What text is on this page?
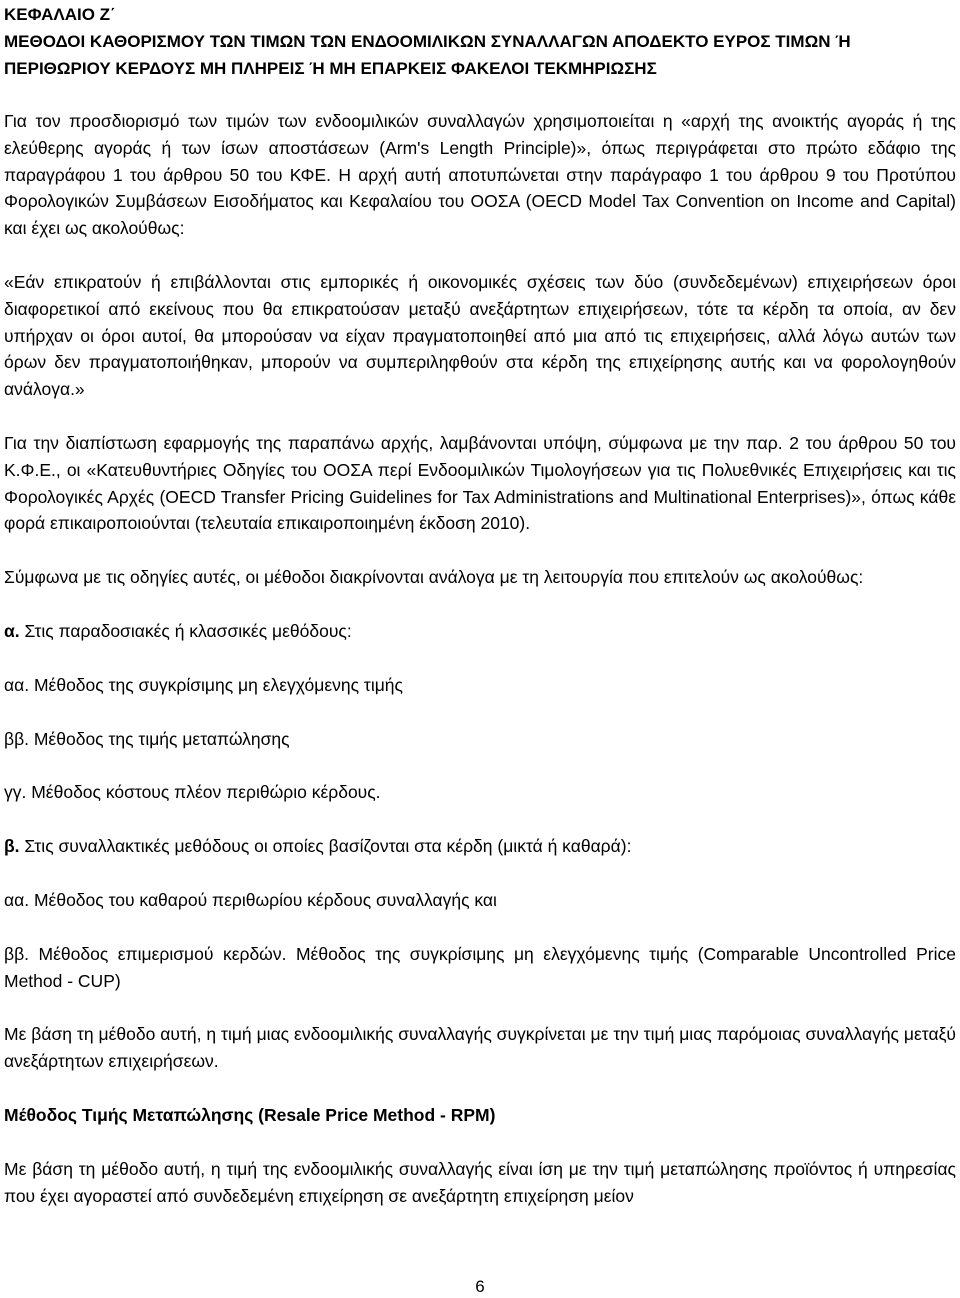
ΚΕΦΑΛΑΙΟ Ζ΄
ΜΕΘΟΔΟΙ ΚΑΘΟΡΙΣΜΟΥ ΤΩΝ ΤΙΜΩΝ ΤΩΝ ΕΝΔΟΟΜΙΛΙΚΩΝ ΣΥΝΑΛΛΑΓΩΝ ΑΠΟΔΕΚΤΟ ΕΥΡΟΣ ΤΙΜΩΝ Ή ΠΕΡΙΘΩΡΙΟΥ ΚΕΡΔΟΥΣ ΜΗ ΠΛΗΡΕΙΣ Ή ΜΗ ΕΠΑΡΚΕΙΣ ΦΑΚΕΛΟΙ ΤΕΚΜΗΡΙΩΣΗΣ

Για τον προσδιορισμό των τιμών των ενδοομιλικών συναλλαγών χρησιμοποιείται η «αρχή της ανοικτής αγοράς ή της ελεύθερης αγοράς ή των ίσων αποστάσεων (Arm's Length Principle)», όπως περιγράφεται στο πρώτο εδάφιο της παραγράφου 1 του άρθρου 50 του ΚΦΕ. Η αρχή αυτή αποτυπώνεται στην παράγραφο 1 του άρθρου 9 του Προτύπου Φορολογικών Συμβάσεων Εισοδήματος και Κεφαλαίου του ΟΟΣΑ (OECD Model Tax Convention on Income and Capital) και έχει ως ακολούθως:

«Εάν επικρατούν ή επιβάλλονται στις εμπορικές ή οικονομικές σχέσεις των δύο (συνδεδεμένων) επιχειρήσεων όροι διαφορετικοί από εκείνους που θα επικρατούσαν μεταξύ ανεξάρτητων επιχειρήσεων, τότε τα κέρδη τα οποία, αν δεν υπήρχαν οι όροι αυτοί, θα μπορούσαν να είχαν πραγματοποιηθεί από μια από τις επιχειρήσεις, αλλά λόγω αυτών των όρων δεν πραγματοποιήθηκαν, μπορούν να συμπεριληφθούν στα κέρδη της επιχείρησης αυτής και να φορολογηθούν ανάλογα.»

Για την διαπίστωση εφαρμογής της παραπάνω αρχής, λαμβάνονται υπόψη, σύμφωνα με την παρ. 2 του άρθρου 50 του Κ.Φ.Ε., οι «Κατευθυντήριες Οδηγίες του ΟΟΣΑ περί Ενδοομιλικών Τιμολογήσεων για τις Πολυεθνικές Επιχειρήσεις και τις Φορολογικές Αρχές (OECD Transfer Pricing Guidelines for Tax Administrations and Multinational Enterprises)», όπως κάθε φορά επικαιροποιούνται (τελευταία επικαιροποιημένη έκδοση 2010).

Σύμφωνα με τις οδηγίες αυτές, οι μέθοδοι διακρίνονται ανάλογα με τη λειτουργία που επιτελούν ως ακολούθως:

α. Στις παραδοσιακές ή κλασσικές μεθόδους:

αα. Μέθοδος της συγκρίσιμης μη ελεγχόμενης τιμής

ββ. Μέθοδος της τιμής μεταπώλησης

γγ. Μέθοδος κόστους πλέον περιθώριο κέρδους.

β. Στις συναλλακτικές μεθόδους οι οποίες βασίζονται στα κέρδη (μικτά ή καθαρά):

αα. Μέθοδος του καθαρού περιθωρίου κέρδους συναλλαγής και

ββ. Μέθοδος επιμερισμού κερδών. Μέθοδος της συγκρίσιμης μη ελεγχόμενης τιμής (Comparable Uncontrolled Price Method - CUP)

Με βάση τη μέθοδο αυτή, η τιμή μιας ενδοομιλικής συναλλαγής συγκρίνεται με την τιμή μιας παρόμοιας συναλλαγής μεταξύ ανεξάρτητων επιχειρήσεων.

Μέθοδος Τιμής Μεταπώλησης (Resale Price Method - RPM)

Με βάση τη μέθοδο αυτή, η τιμή της ενδοομιλικής συναλλαγής είναι ίση με την τιμή μεταπώλησης προϊόντος ή υπηρεσίας που έχει αγοραστεί από συνδεδεμένη επιχείρηση σε ανεξάρτητη επιχείρηση μείον

6
